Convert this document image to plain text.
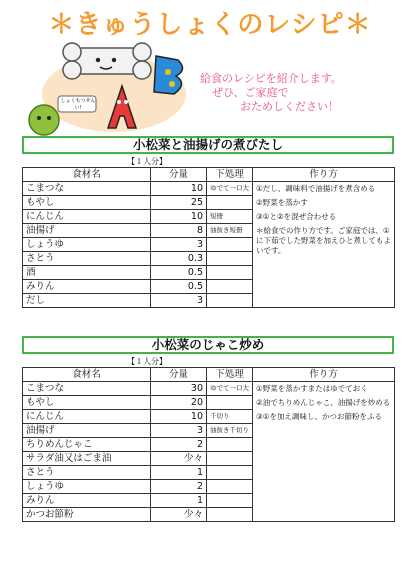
＊きゅうしょくのレシピ＊
しょくもつせんい!
給食のレシピを紹介します。
ぜひ、ご家庭で
おためしください！
小松菜と油揚げの煮びたし
【１人分】
食材名	分量	下処理	作り方
こまつな	10	ゆでて一口大	①だし、調味料で油揚げを煮含める
②野菜を蒸かす
③①と②を混ぜ合わせる
＊給食での作り方です。ご家庭では、①に下茹でした野菜を加えひと煮してもよいです。

もやし	25		
にんじん	10	短冊	
油揚げ	8	油抜き短冊	
しょうゆ	3		
さとう	0.3		
酒	0.5		
みりん	0.5		
だし	3		
小松菜のじゃこ炒め
【１人分】
食材名	分量	下処理	作り方
こまつな	30	ゆでて一口大	①野菜を蒸かすまたはゆでておく
②油でちりめんじゃこ、油揚げを炒める
③①を加え調味し、かつお節粉をふる

もやし	20		
にんじん	10	千切り	
油揚げ	3	油抜き千切り	
ちりめんじゃこ	2		
サラダ油又はごま油	少々		
さとう	1		
しょうゆ	2		
みりん	1		
かつお節粉	少々		
